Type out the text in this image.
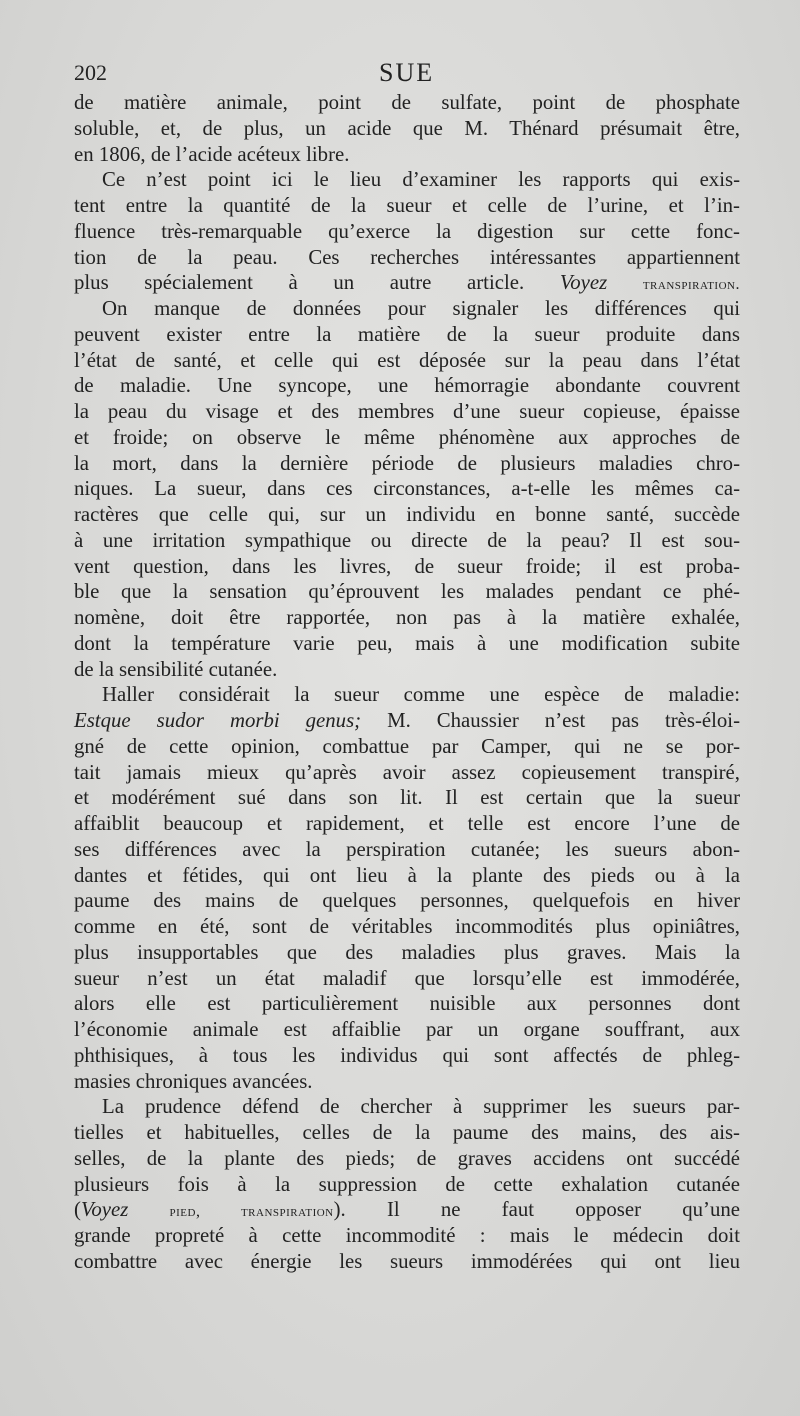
202	SUE
de matière animale, point de sulfate, point de phosphate
soluble, et, de plus, un acide que M. Thénard présumait être,
en 1806, de l’acide acéteux libre.
Ce n’est point ici le lieu d’examiner les rapports qui exis-
tent entre la quantité de la sueur et celle de l’urine, et l’in-
fluence très-remarquable qu’exerce la digestion sur cette fonc-
tion de la peau. Ces recherches intéressantes appartiennent
plus spécialement à un autre article. Voyez transpiration.
On manque de données pour signaler les différences qui
peuvent exister entre la matière de la sueur produite dans
l’état de santé, et celle qui est déposée sur la peau dans l’état
de maladie. Une syncope, une hémorragie abondante couvrent
la peau du visage et des membres d’une sueur copieuse, épaisse
et froide; on observe le même phénomène aux approches de
la mort, dans la dernière période de plusieurs maladies chro-
niques. La sueur, dans ces circonstances, a-t-elle les mêmes ca-
ractères que celle qui, sur un individu en bonne santé, succède
à une irritation sympathique ou directe de la peau? Il est sou-
vent question, dans les livres, de sueur froide; il est proba-
ble que la sensation qu’éprouvent les malades pendant ce phé-
nomène, doit être rapportée, non pas à la matière exhalée,
dont la température varie peu, mais à une modification subite
de la sensibilité cutanée.
Haller considérait la sueur comme une espèce de maladie:
Estque sudor morbi genus; M. Chaussier n’est pas très-éloi-
gné de cette opinion, combattue par Camper, qui ne se por-
tait jamais mieux qu’après avoir assez copieusement transpiré,
et modérément sué dans son lit. Il est certain que la sueur
affaiblit beaucoup et rapidement, et telle est encore l’une de
ses différences avec la perspiration cutanée; les sueurs abon-
dantes et fétides, qui ont lieu à la plante des pieds ou à la
paume des mains de quelques personnes, quelquefois en hiver
comme en été, sont de véritables incommodités plus opiniâtres,
plus insupportables que des maladies plus graves. Mais la
sueur n’est un état maladif que lorsqu’elle est immodérée,
alors elle est particulièrement nuisible aux personnes dont
l’économie animale est affaiblie par un organe souffrant, aux
phthisiques, à tous les individus qui sont affectés de phleg-
masies chroniques avancées.
La prudence défend de chercher à supprimer les sueurs par-
tielles et habituelles, celles de la paume des mains, des ais-
selles, de la plante des pieds; de graves accidens ont succédé
plusieurs fois à la suppression de cette exhalation cutanée
(Voyez	pied, transpiration). Il ne faut opposer qu’une
grande propreté à cette incommodité : mais le médecin doit
combattre avec énergie les sueurs immodérées qui ont lieu
